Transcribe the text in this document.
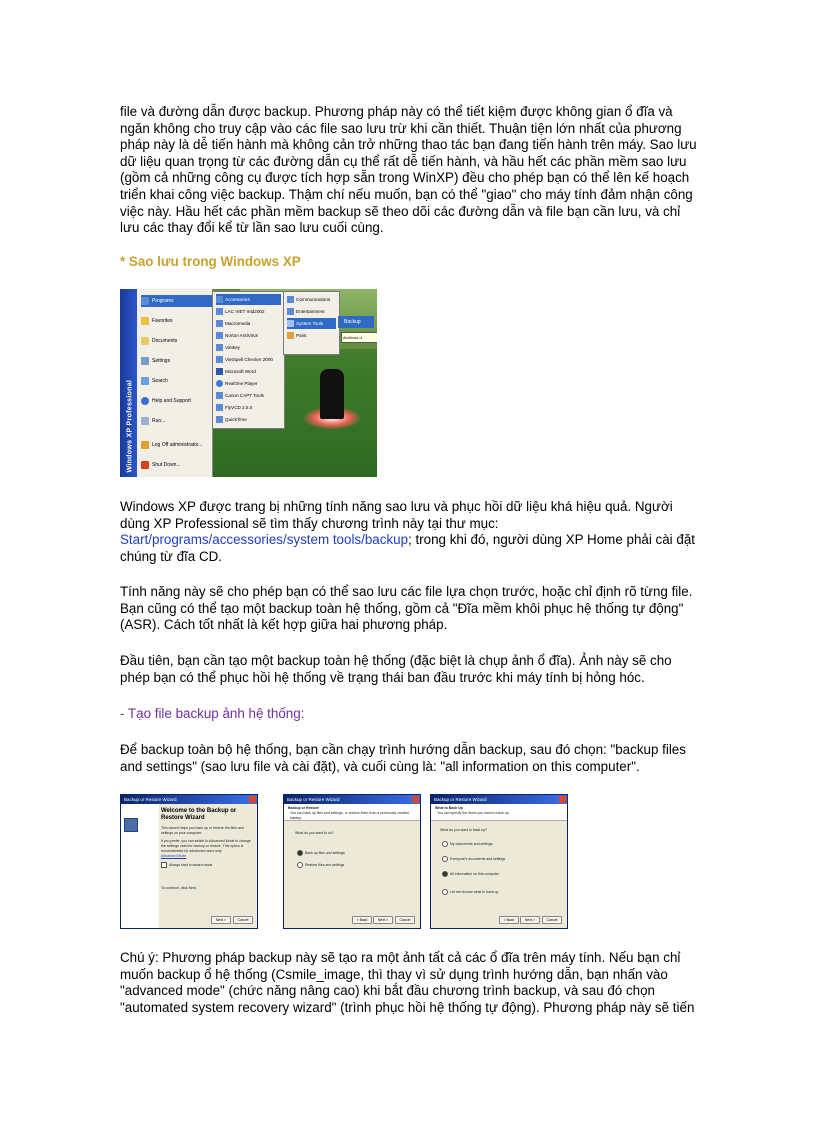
file và đường dẫn được backup. Phương pháp này có thể tiết kiệm được không gian ổ đĩa và ngăn không cho truy cập vào các file sao lưu trừ khi cần thiết. Thuận tiện lớn nhất của phương pháp này là dễ tiến hành mà không cản trở những thao tác bạn đang tiến hành trên máy. Sao lưu dữ liệu quan trọng từ các đường dẫn cụ thể rất dễ tiến hành, và hầu hết các phần mềm sao lưu (gồm cả những công cụ được tích hợp sẵn trong WinXP) đều cho phép bạn có thể lên kế hoạch triển khai công việc backup. Thậm chí nếu muốn, bạn có thể "giao" cho máy tính đảm nhận công việc này. Hầu hết các phần mềm backup sẽ theo dõi các đường dẫn và file bạn cần lưu, và chỉ lưu các thay đổi kể từ lần sao lưu cuối cùng.

* Sao lưu trong Windows XP

Windows XP Professional
Programs
Favorites
Documents
Settings
Search
Help and Support
Run...
Log Off administrator...
Shut Down...
Accessories
LAC VIET mtd2002
Macromedia
Norton AntiVirus
Vietkey
VietSpell Checker 2000
Microsoft Word
RealOne Player
Canon CAPT Tools
FlyVCD 2.5.0
QuickTime
Communications
Entertainment
System Tools
Paint
Backup
Archives d

Windows XP được trang bị những tính năng sao lưu và phục hồi dữ liệu khá hiệu quả. Người dùng XP Professional sẽ tìm thấy chương trình này tại thư mục: Start/programs/accessories/system tools/backup; trong khi đó, người dùng XP Home phải cài đặt chúng từ đĩa CD.

Tính năng này sẽ cho phép bạn có thể sao lưu các file lựa chọn trước, hoặc chỉ định rõ từng file. Bạn cũng có thể tạo một backup toàn hệ thống, gồm cả "Đĩa mềm khôi phục hệ thống tự động" (ASR). Cách tốt nhất là kết hợp giữa hai phương pháp.

Đầu tiên, bạn cần tạo một backup toàn hệ thống (đặc biệt là chụp ảnh ổ đĩa). Ảnh này sẽ cho phép bạn có thể phục hồi hệ thống về trạng thái ban đầu trước khi máy tính bị hỏng hóc.

- Tạo file backup ảnh hệ thống:

Để backup toàn bộ hệ thống, bạn cần chạy trình hướng dẫn backup, sau đó chọn: "backup files and settings" (sao lưu file và cài đặt), và cuối cùng là: "all information on this computer".

Backup or Restore Wizard
Welcome to the Backup or Restore Wizard
This wizard helps you back up or restore the files and settings on your computer.
If you prefer, you can switch to Advanced Mode to change the settings used for backup or restore. This option is recommended for advanced users only.
Advanced Mode
Always start in wizard mode
To continue, click Next.
Next >	Cancel
Backup or Restore Wizard
Backup or Restore
You can back up files and settings, or restore them from a previously created backup.
What do you want to do?
Back up files and settings
Restore files and settings
< Back	Next >	Cancel
Backup or Restore Wizard
What to Back Up
You can specify the items you want to back up.
What do you want to back up?
My documents and settings
Everyone's documents and settings
All information on this computer
Let me choose what to back up
< Back	Next >	Cancel

Chú ý: Phương pháp backup này sẽ tạo ra một ảnh tất cả các ổ đĩa trên máy tính. Nếu bạn chỉ muốn backup ổ hệ thống (Csmile_image, thì thay vì sử dụng trình hướng dẫn, bạn nhấn vào "advanced mode" (chức năng nâng cao) khi bắt đầu chương trình backup, và sau đó chọn "automated system recovery wizard" (trình phục hồi hệ thống tự động). Phương pháp này sẽ tiến
